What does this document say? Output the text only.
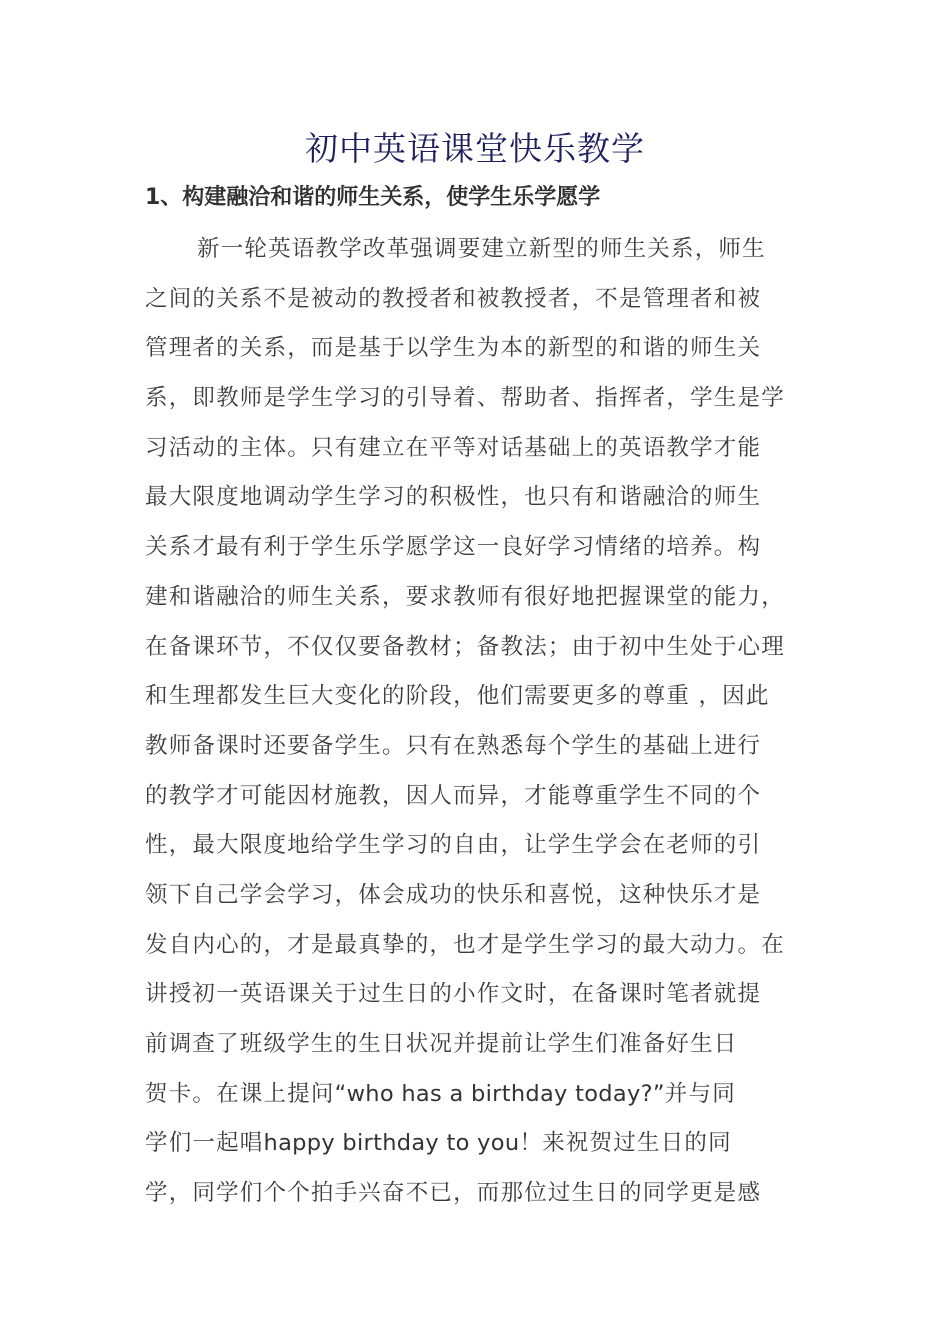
初中英语课堂快乐教学
1、构建融洽和谐的师生关系，使学生乐学愿学
新一轮英语教学改革强调要建立新型的师生关系，师生
之间的关系不是被动的教授者和被教授者，不是管理者和被
管理者的关系，而是基于以学生为本的新型的和谐的师生关
系，即教师是学生学习的引导着、帮助者、指挥者，学生是学
习活动的主体。只有建立在平等对话基础上的英语教学才能
最大限度地调动学生学习的积极性，也只有和谐融洽的师生
关系才最有利于学生乐学愿学这一良好学习情绪的培养。构
建和谐融洽的师生关系，要求教师有很好地把握课堂的能力，
在备课环节，不仅仅要备教材；备教法；由于初中生处于心理
和生理都发生巨大变化的阶段，他们需要更多的尊重 ，因此
教师备课时还要备学生。只有在熟悉每个学生的基础上进行
的教学才可能因材施教，因人而异，才能尊重学生不同的个
性，最大限度地给学生学习的自由，让学生学会在老师的引
领下自己学会学习，体会成功的快乐和喜悦，这种快乐才是
发自内心的，才是最真挚的，也才是学生学习的最大动力。在
讲授初一英语课关于过生日的小作文时，在备课时笔者就提
前调查了班级学生的生日状况并提前让学生们准备好生日
贺卡。在课上提问“who has a birthday today?”并与同
学们一起唱happy birthday to you！来祝贺过生日的同
学，同学们个个拍手兴奋不已，而那位过生日的同学更是感
